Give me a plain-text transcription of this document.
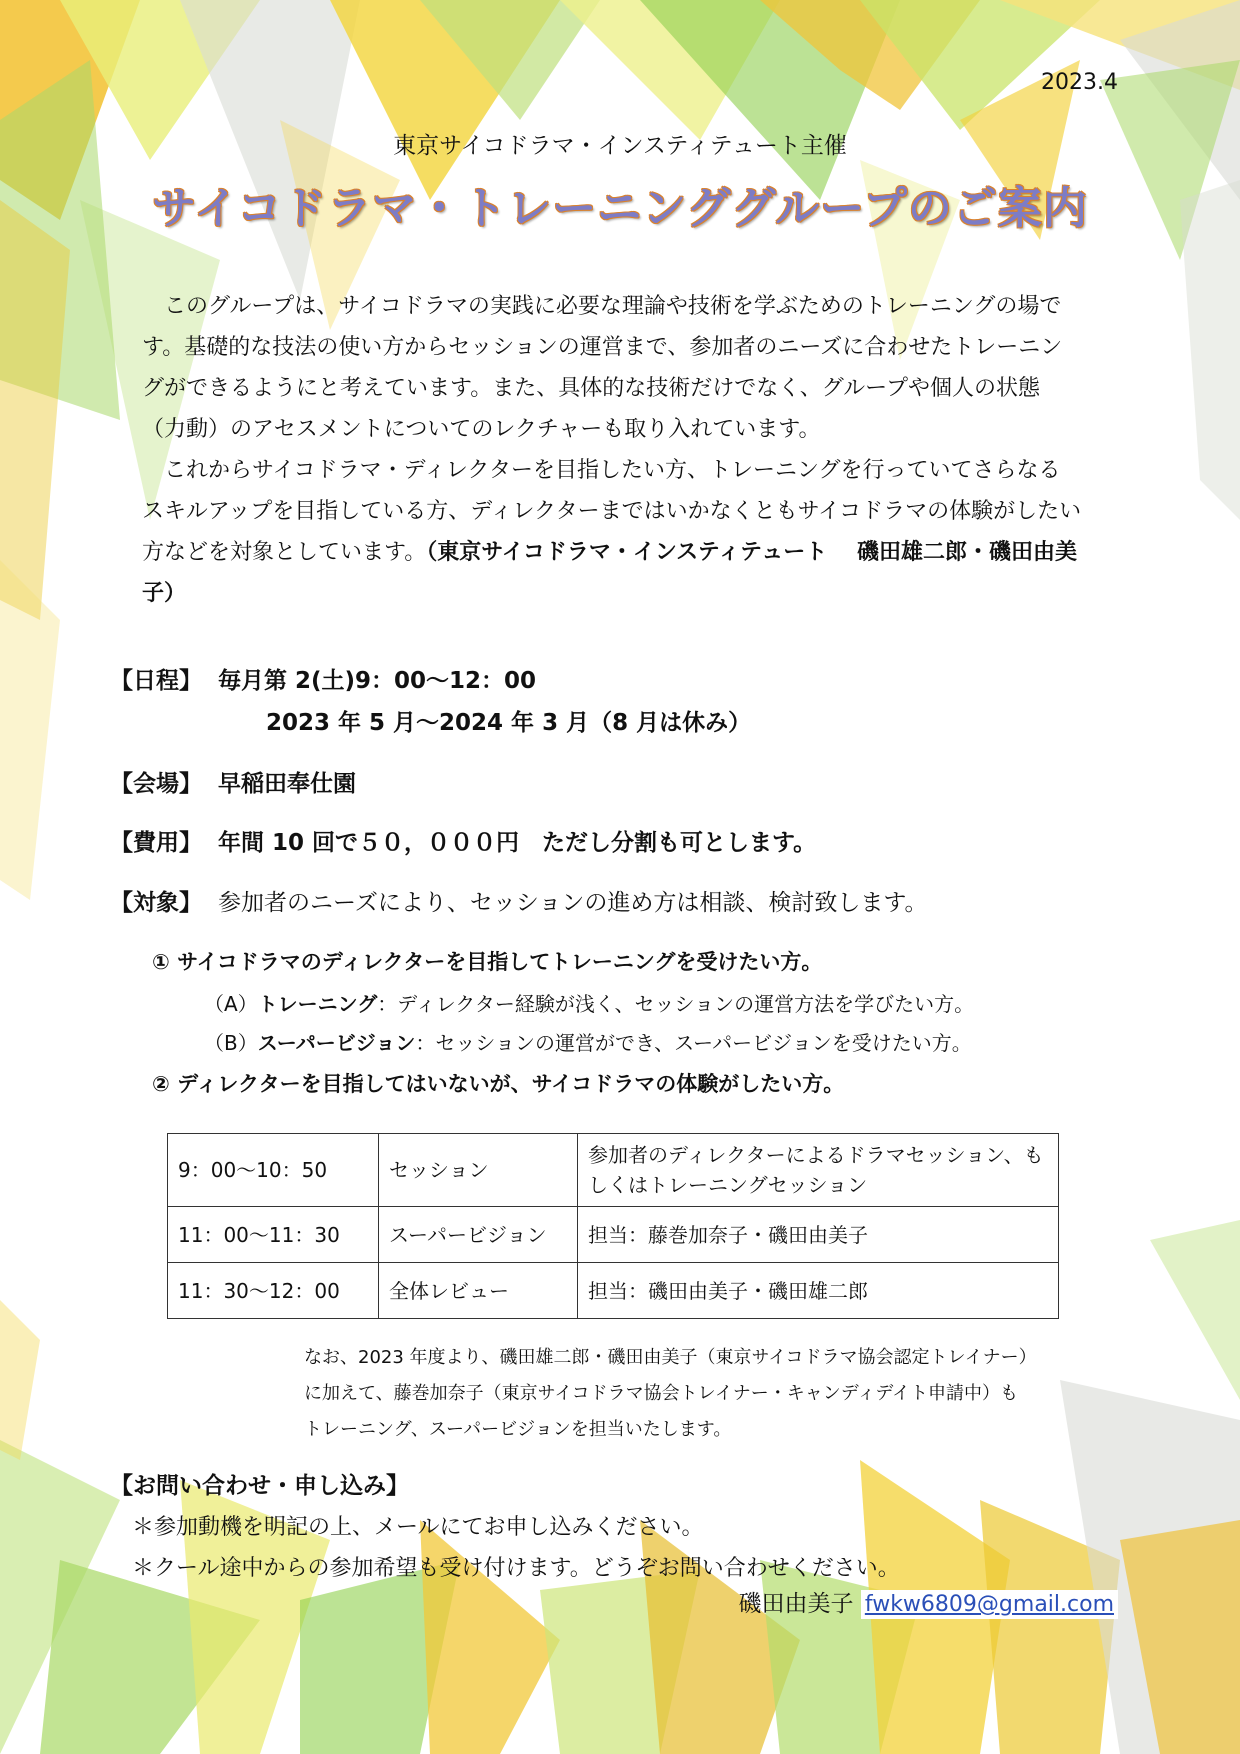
2023.4
東京サイコドラマ・インスティテュート主催
サイコドラマ・トレーニンググループのご案内

このグループは、サイコドラマの実践に必要な理論や技術を学ぶためのトレーニングの場です。基礎的な技法の使い方からセッションの運営まで、参加者のニーズに合わせたトレーニングができるようにと考えています。また、具体的な技術だけでなく、グループや個人の状態（力動）のアセスメントについてのレクチャーも取り入れています。

これからサイコドラマ・ディレクターを目指したい方、トレーニングを行っていてさらなるスキルアップを目指している方、ディレクターまではいかなくともサイコドラマの体験がしたい方などを対象としています。（東京サイコドラマ・インスティテュート　 磯田雄二郎・磯田由美子）

【日程】 毎月第 2(土)9：00〜12：00
2023 年 5 月〜2024 年 3 月（8 月は休み）
【会場】 早稲田奉仕園
【費用】 年間 10 回で５０，０００円　ただし分割も可とします。
【対象】 参加者のニーズにより、セッションの進め方は相談、検討致します。
① サイコドラマのディレクターを目指してトレーニングを受けたい方。
（A）トレーニング：ディレクター経験が浅く、セッションの運営方法を学びたい方。
（B）スーパービジョン：セッションの運営ができ、スーパービジョンを受けたい方。
② ディレクターを目指してはいないが、サイコドラマの体験がしたい方。
9：00〜10：50	セッション	参加者のディレクターによるドラマセッション、もしくはトレーニングセッション
11：00〜11：30	スーパービジョン	担当：藤巻加奈子・磯田由美子
11：30〜12：00	全体レビュー	担当：磯田由美子・磯田雄二郎
なお、2023 年度より、磯田雄二郎・磯田由美子（東京サイコドラマ協会認定トレイナー）
に加えて、藤巻加奈子（東京サイコドラマ協会トレイナー・キャンディデイト申請中）も
トレーニング、スーパービジョンを担当いたします。
【お問い合わせ・申し込み】
＊参加動機を明記の上、メールにてお申し込みください。
＊クール途中からの参加希望も受け付けます。どうぞお問い合わせください。
磯田由美子 fwkw6809@gmail.com
